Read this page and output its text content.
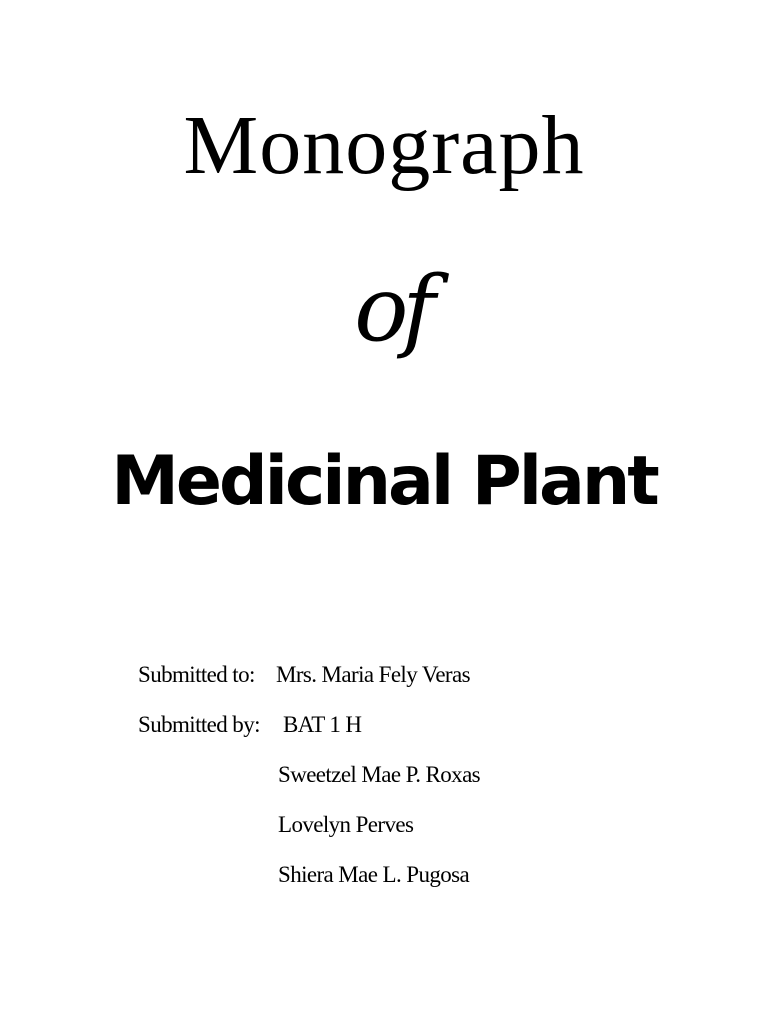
Monograph
of
Medicinal Plant
Submitted to: Mrs. Maria Fely Veras
Submitted by: BAT 1 H
Sweetzel Mae P. Roxas
Lovelyn Perves
Shiera Mae L. Pugosa
